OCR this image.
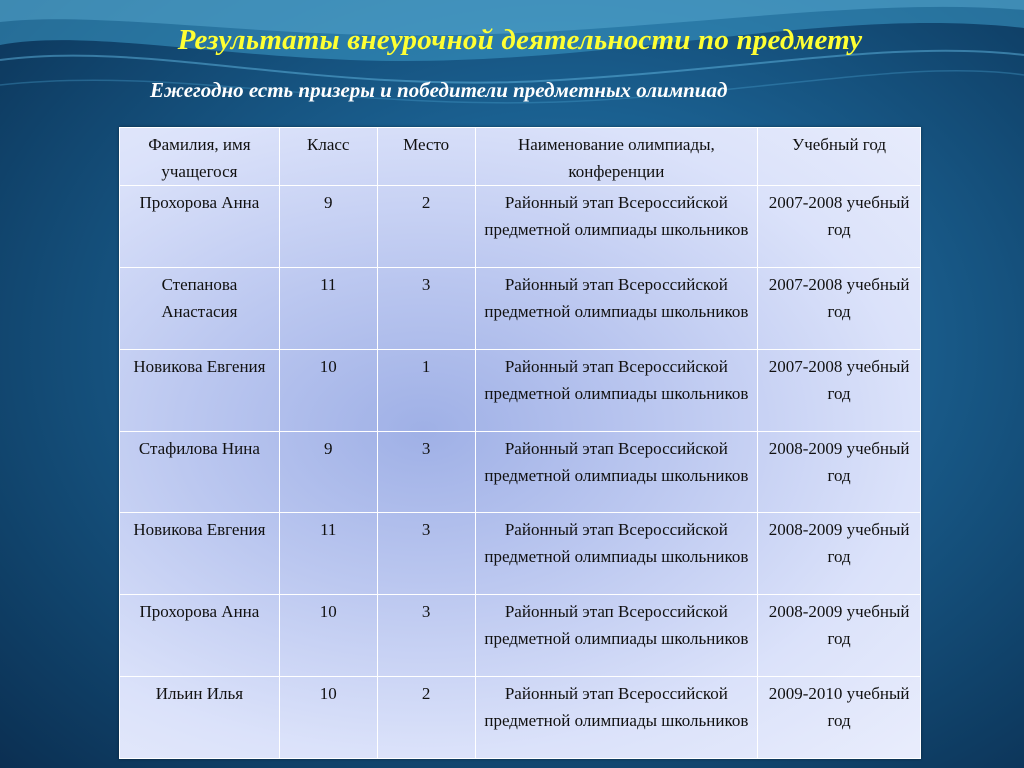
Результаты внеурочной деятельности по предмету
Ежегодно есть призеры и победители предметных олимпиад
Фамилия, имя учащегося	Класс	Место	Наименование олимпиады, конференции	Учебный год
Прохорова Анна	9	2	Районный этап Всероссийской предметной олимпиады школьников	2007-2008 учебный год
Степанова Анастасия	11	3	Районный этап Всероссийской предметной олимпиады школьников	2007-2008 учебный год
Новикова Евгения	10	1	Районный этап Всероссийской предметной олимпиады школьников	2007-2008 учебный год
Стафилова Нина	9	3	Районный этап Всероссийской предметной олимпиады школьников	2008-2009 учебный год
Новикова Евгения	11	3	Районный этап Всероссийской предметной олимпиады школьников	2008-2009 учебный год
Прохорова Анна	10	3	Районный этап Всероссийской предметной олимпиады школьников	2008-2009 учебный год
Ильин Илья	10	2	Районный этап Всероссийской предметной олимпиады школьников	2009-2010 учебный год
